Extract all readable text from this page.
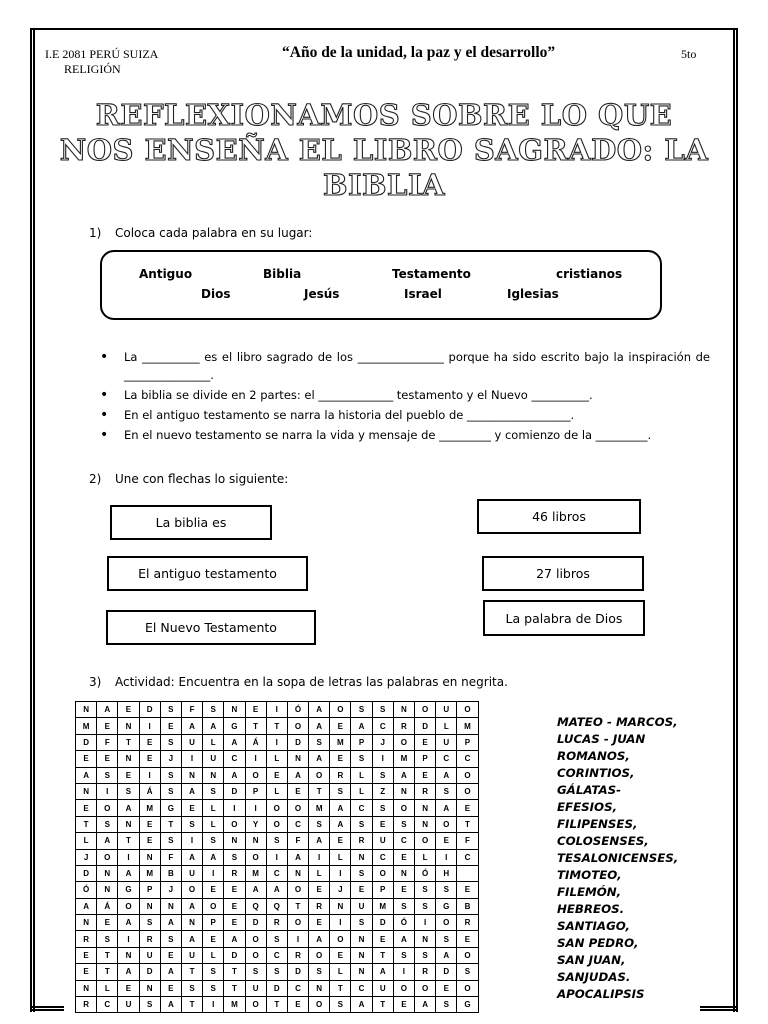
I.E 2081 PERÚ SUIZA
RELIGIÓN
“Año de la unidad, la paz y el desarrollo”	5to
REFLEXIONAMOS SOBRE LO QUE
NOS ENSEÑA EL LIBRO SAGRADO: LA
BIBLIA
1) Coloca cada palabra en su lugar:
Antiguo	Biblia	Testamento	cristianos
Dios	Jesús	Israel	Iglesias
• La __________ es el libro sagrado de los _______________ porque ha sido escrito bajo la inspiración de _______________.
• La biblia se divide en 2 partes: el _____________ testamento y el Nuevo __________.
• En el antiguo testamento se narra la historia del pueblo de __________________.
• En el nuevo testamento se narra la vida y mensaje de _________ y comienzo de la _________.
2) Une con flechas lo siguiente:
La biblia es
El antiguo testamento
El Nuevo Testamento
46 libros
27 libros
La palabra de Dios
3) Actividad: Encuentra en la sopa de letras las palabras en negrita.
N	A	E	D	S	F	S	N	E	I	Ó	A	O	S	S	N	O	U	O
M	E	N	I	E	A	A	G	T	T	O	A	E	A	C	R	D	L	M
D	F	T	E	S	U	L	A	Á	I	D	S	M	P	J	O	E	U	P
E	E	N	E	J	I	U	C	I	L	N	A	E	S	I	M	P	C	C
A	S	E	I	S	N	N	A	O	E	A	O	R	L	S	A	E	A	O
N	I	S	Á	S	A	S	D	P	L	E	T	S	L	Z	N	R	S	O
E	O	A	M	G	E	L	I	I	O	O	M	A	C	S	O	N	A	E
T	S	N	E	T	S	L	O	Y	O	C	S	A	S	E	S	N	O	T
L	A	T	E	S	I	S	N	N	S	F	A	E	R	U	C	O	E	F
J	O	I	N	F	A	A	S	O	I	A	I	L	N	C	E	L	I	C
D	N	A	M	B	U	I	R	M	C	N	L	I	S	O	N	Ó	H	
Ó	N	G	P	J	O	E	E	A	A	O	E	J	E	P	E	S	S	E
A	Á	O	N	N	A	O	E	Q	Q	T	R	N	U	M	S	S	G	B
N	E	A	S	A	N	P	E	D	R	O	E	I	S	D	Ó	I	O	R
R	S	I	R	S	A	E	A	O	S	I	A	O	N	E	A	N	S	E
E	T	N	U	E	U	L	D	O	C	R	O	E	N	T	S	S	A	O
E	T	A	D	A	T	S	T	S	S	D	S	L	N	A	I	R	D	S
N	L	E	N	E	S	S	T	U	D	C	N	T	C	U	O	O	E	O
R	C	U	S	A	T	I	M	O	T	E	O	S	A	T	E	A	S	G
MATEO - MARCOS,
LUCAS - JUAN
ROMANOS,
CORINTIOS,
GÁLATAS-
EFESIOS,
FILIPENSES,
COLOSENSES,
TESALONICENSES,
TIMOTEO,
FILEMÓN,
HEBREOS.
SANTIAGO,
SAN PEDRO,
SAN JUAN,
SANJUDAS.
APOCALIPSIS
